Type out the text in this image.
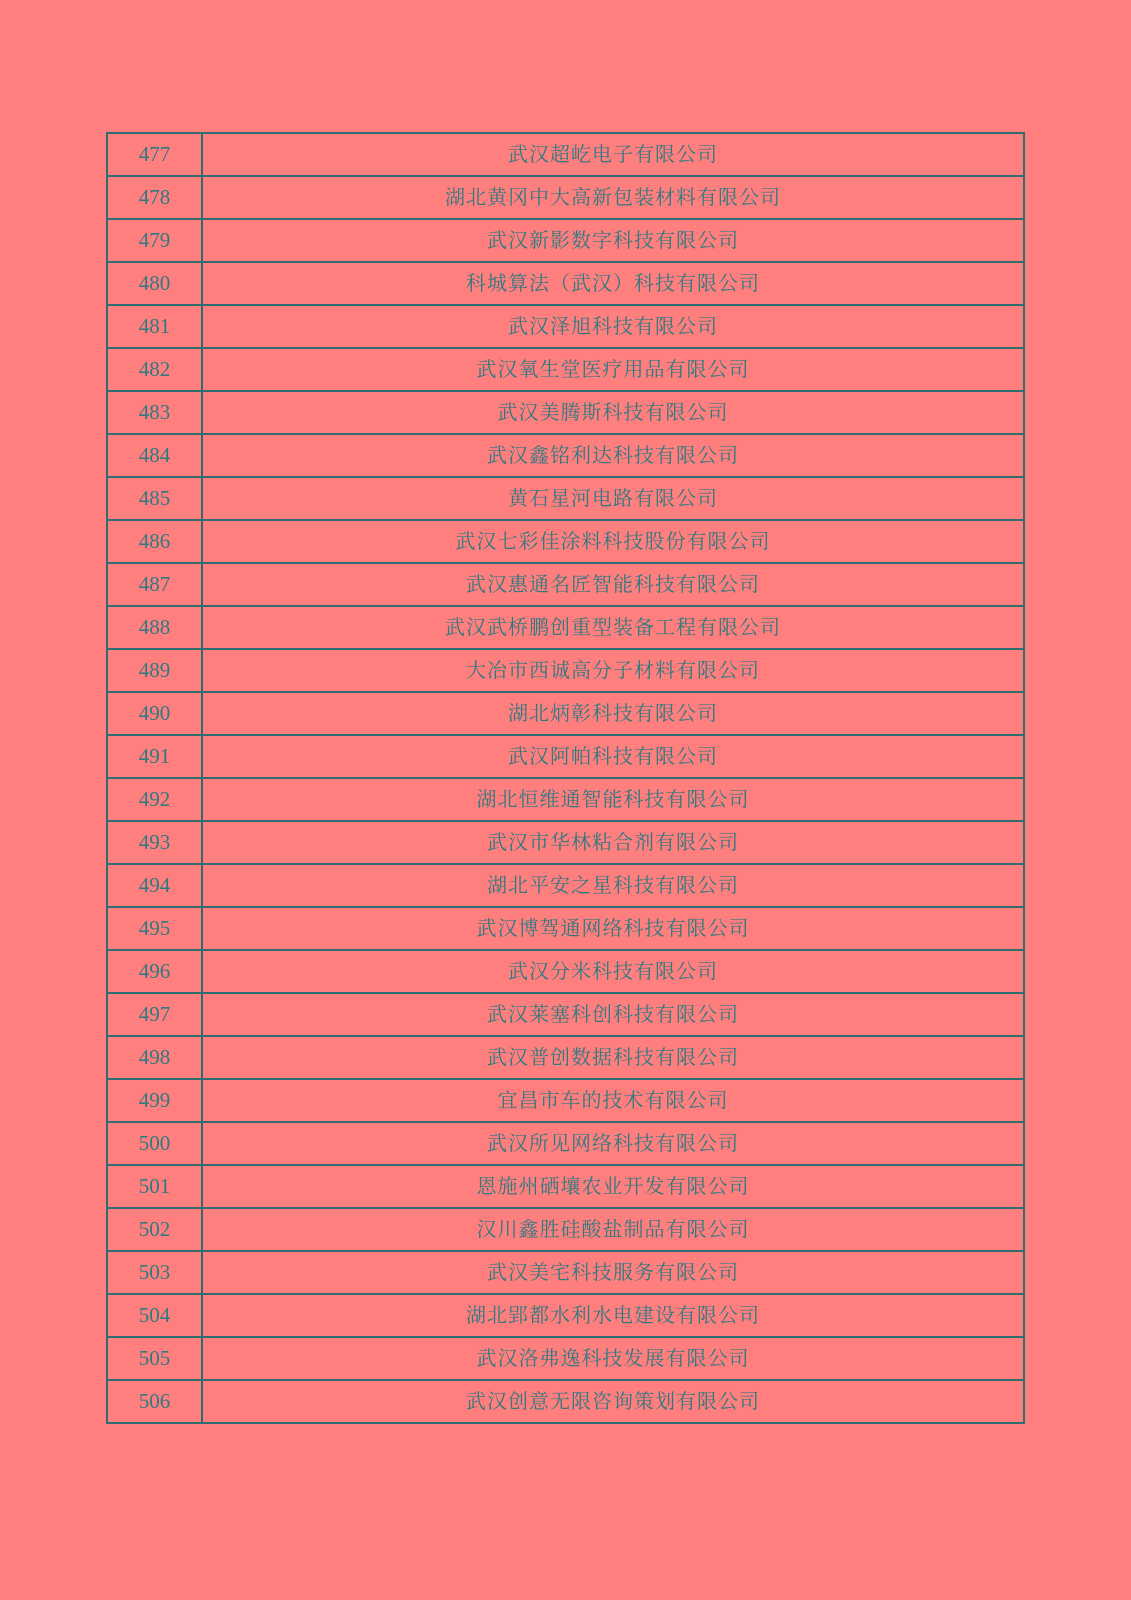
477	武汉超屹电子有限公司
478	湖北黄冈中大高新包装材料有限公司
479	武汉新影数字科技有限公司
480	科城算法（武汉）科技有限公司
481	武汉泽旭科技有限公司
482	武汉氧生堂医疗用品有限公司
483	武汉美腾斯科技有限公司
484	武汉鑫铭利达科技有限公司
485	黄石星河电路有限公司
486	武汉七彩佳涂料科技股份有限公司
487	武汉惠通名匠智能科技有限公司
488	武汉武桥鹏创重型装备工程有限公司
489	大冶市西诚高分子材料有限公司
490	湖北炳彰科技有限公司
491	武汉阿帕科技有限公司
492	湖北恒维通智能科技有限公司
493	武汉市华林粘合剂有限公司
494	湖北平安之星科技有限公司
495	武汉博驾通网络科技有限公司
496	武汉分米科技有限公司
497	武汉莱塞科创科技有限公司
498	武汉普创数据科技有限公司
499	宜昌市车的技术有限公司
500	武汉所见网络科技有限公司
501	恩施州硒壤农业开发有限公司
502	汉川鑫胜硅酸盐制品有限公司
503	武汉美宅科技服务有限公司
504	湖北郢都水利水电建设有限公司
505	武汉洛弗逸科技发展有限公司
506	武汉创意无限咨询策划有限公司
